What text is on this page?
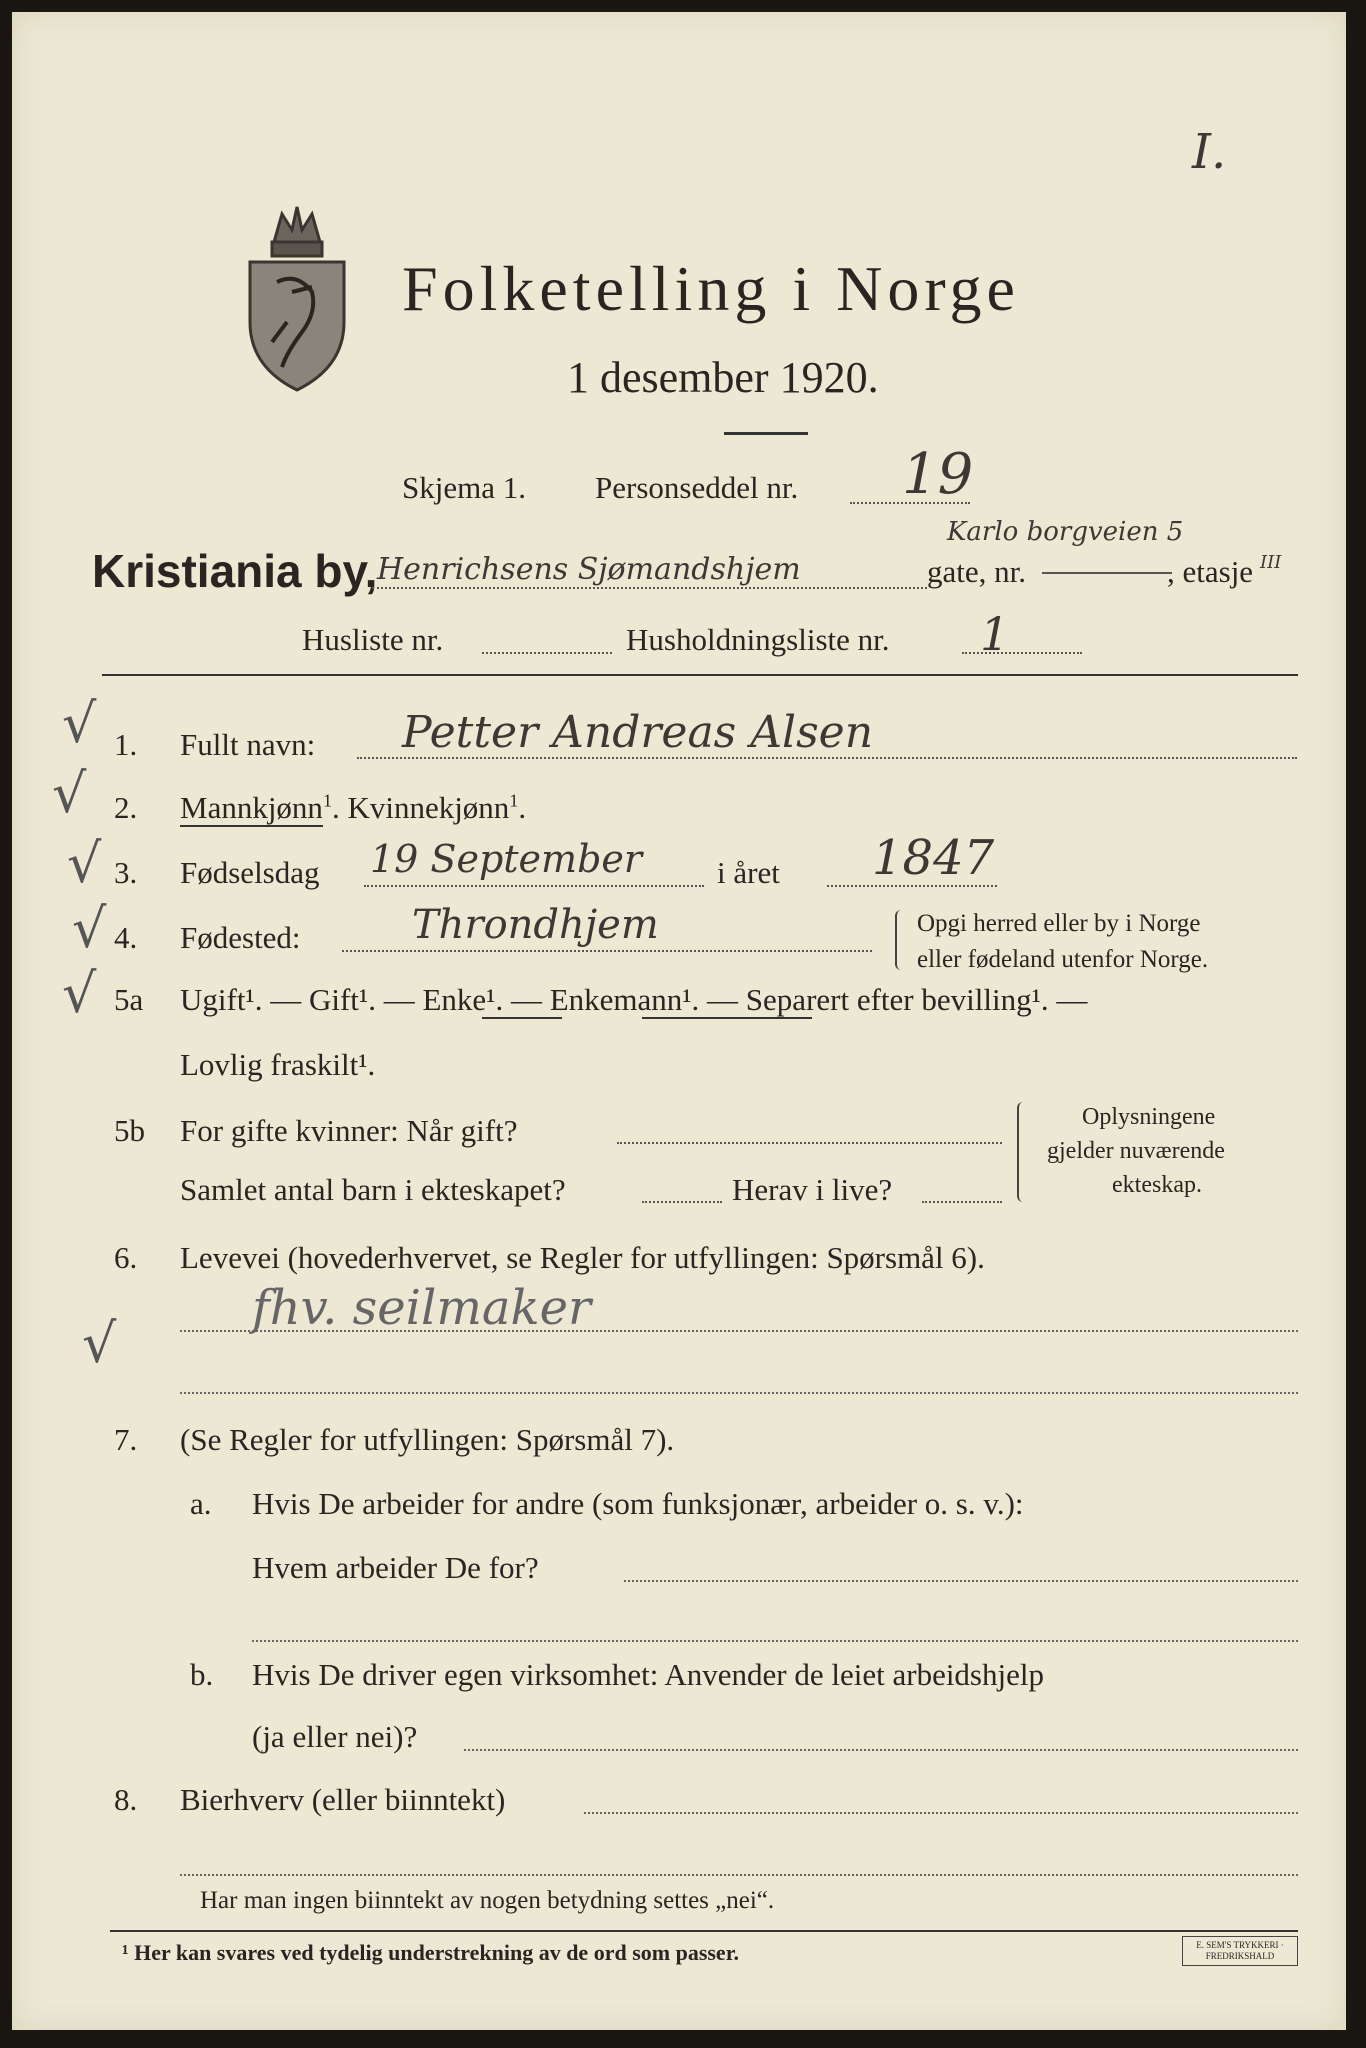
I.
Folketelling i Norge
1 desember 1920.
Skjema 1. Personseddel nr. 19
Kristiania by, Henrichsens Sjømandshjem	gate, nr.
Karlo borgveien 5
, etasje III
Husliste nr.	Husholdningsliste nr. 1
√
√
√
√
√
√
1. Fullt navn: Petter Andreas Alsen
2. Mannkjønn$^1$. Kvinnekjønn$^1$.
3. Fødselsdag 19 September i året 1847
4. Fødested:	Throndhjem	Opgi herred eller by i Norge
eller fødeland utenfor Norge.
5a Ugift¹. — Gift¹. — Enke¹. — Enkemann¹. — Separert efter bevilling¹. —
Lovlig fraskilt¹.
5b For gifte kvinner: Når gift?
Samlet antal barn i ekteskapet?	Herav i live?
Oplysningene
gjelder nuværende
ekteskap.
6. Levevei (hovederhvervet, se Regler for utfyllingen: Spørsmål 6).
fhv. seilmaker
7. (Se Regler for utfyllingen: Spørsmål 7).
a. Hvis De arbeider for andre (som funksjonær, arbeider o. s. v.):
Hvem arbeider De for?
b. Hvis De driver egen virksomhet: Anvender de leiet arbeidshjelp
(ja eller nei)?
8. Bierhverv (eller biinntekt)
Har man ingen biinntekt av nogen betydning settes „nei“.
¹ Her kan svares ved tydelig understrekning av de ord som passer.	E. SEM'S TRYKKERI · FREDRIKSHALD
